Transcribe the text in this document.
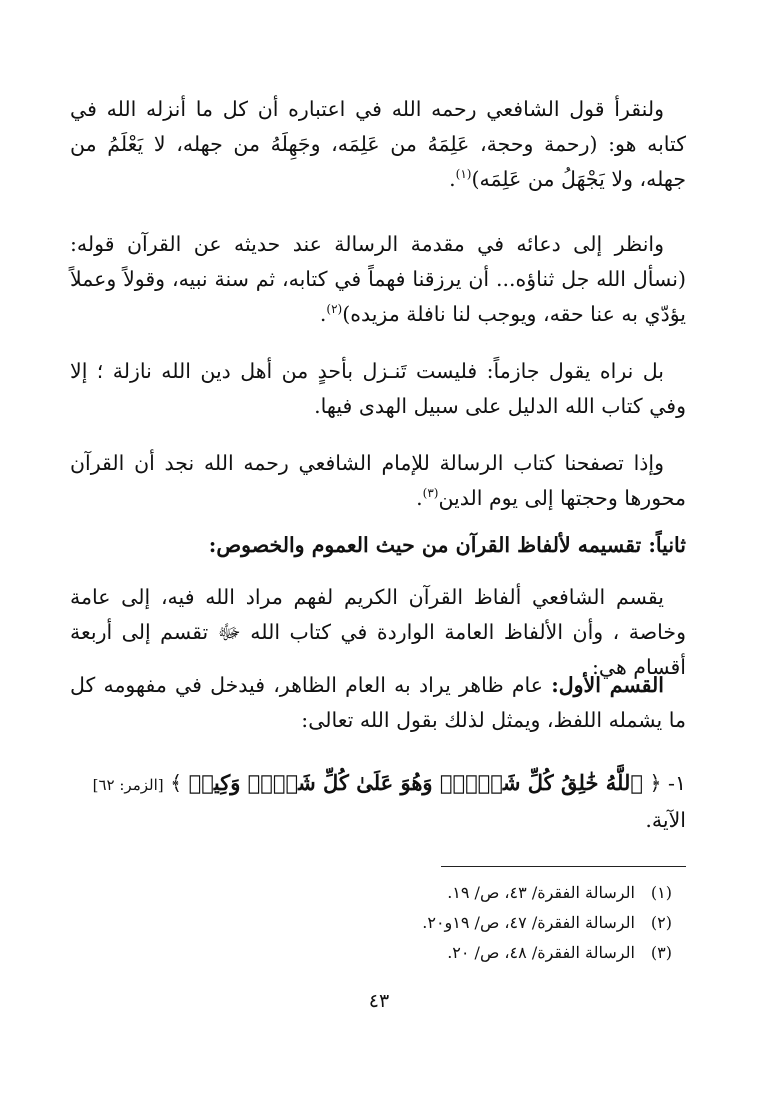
ولنقرأ قول الشافعي رحمه الله في اعتباره أن كل ما أنزله الله في كتابه هو: (رحمة وحجة، عَلِمَهُ من عَلِمَه، وجَهِلَهُ من جهله، لا يَعْلَمُ من جهله، ولا يَجْهَلُ من عَلِمَه)$^{(١)}$.
وانظر إلى دعائه في مقدمة الرسالة عند حديثه عن القرآن قوله: (نسأل الله جل ثناؤه... أن يرزقنا فهماً في كتابه، ثم سنة نبيه، وقولاً وعملاً يؤدّي به عنا حقه، ويوجب لنا نافلة مزيده)$^{(٢)}$.
بل نراه يقول جازماً: فليست تَنـزل بأحدٍ من أهل دين الله نازلة ؛ إلا وفي كتاب الله الدليل على سبيل الهدى فيها.
وإذا تصفحنا كتاب الرسالة للإمام الشافعي رحمه الله نجد أن القرآن محورها وحجتها إلى يوم الدين$^{(٣)}$.
ثانياً: تقسيمه لألفاظ القرآن من حيث العموم والخصوص:
يقسم الشافعي ألفاظ القرآن الكريم لفهم مراد الله فيه، إلى عامة وخاصة ، وأن الألفاظ العامة الواردة في كتاب الله ﷻ تقسم إلى أربعة أقسام هي:
القسم الأول: عام ظاهر يراد به العام الظاهر، فيدخل في مفهومه كل ما يشمله اللفظ، ويمثل لذلك بقول الله تعالى:
١- ﴿ ٱللَّهُ خَٰلِقُ كُلِّ شَيۡءٖۖ وَهُوَ عَلَىٰ كُلِّ شَيۡءٖ وَكِيلٞ ﴾ [الزمر: ٦٢] الآية.
(١)الرسالة الفقرة/ ٤٣، ص/ ١٩.
(٢)الرسالة الفقرة/ ٤٧، ص/ ١٩و٢٠.
(٣)الرسالة الفقرة/ ٤٨، ص/ ٢٠.
٤٣
